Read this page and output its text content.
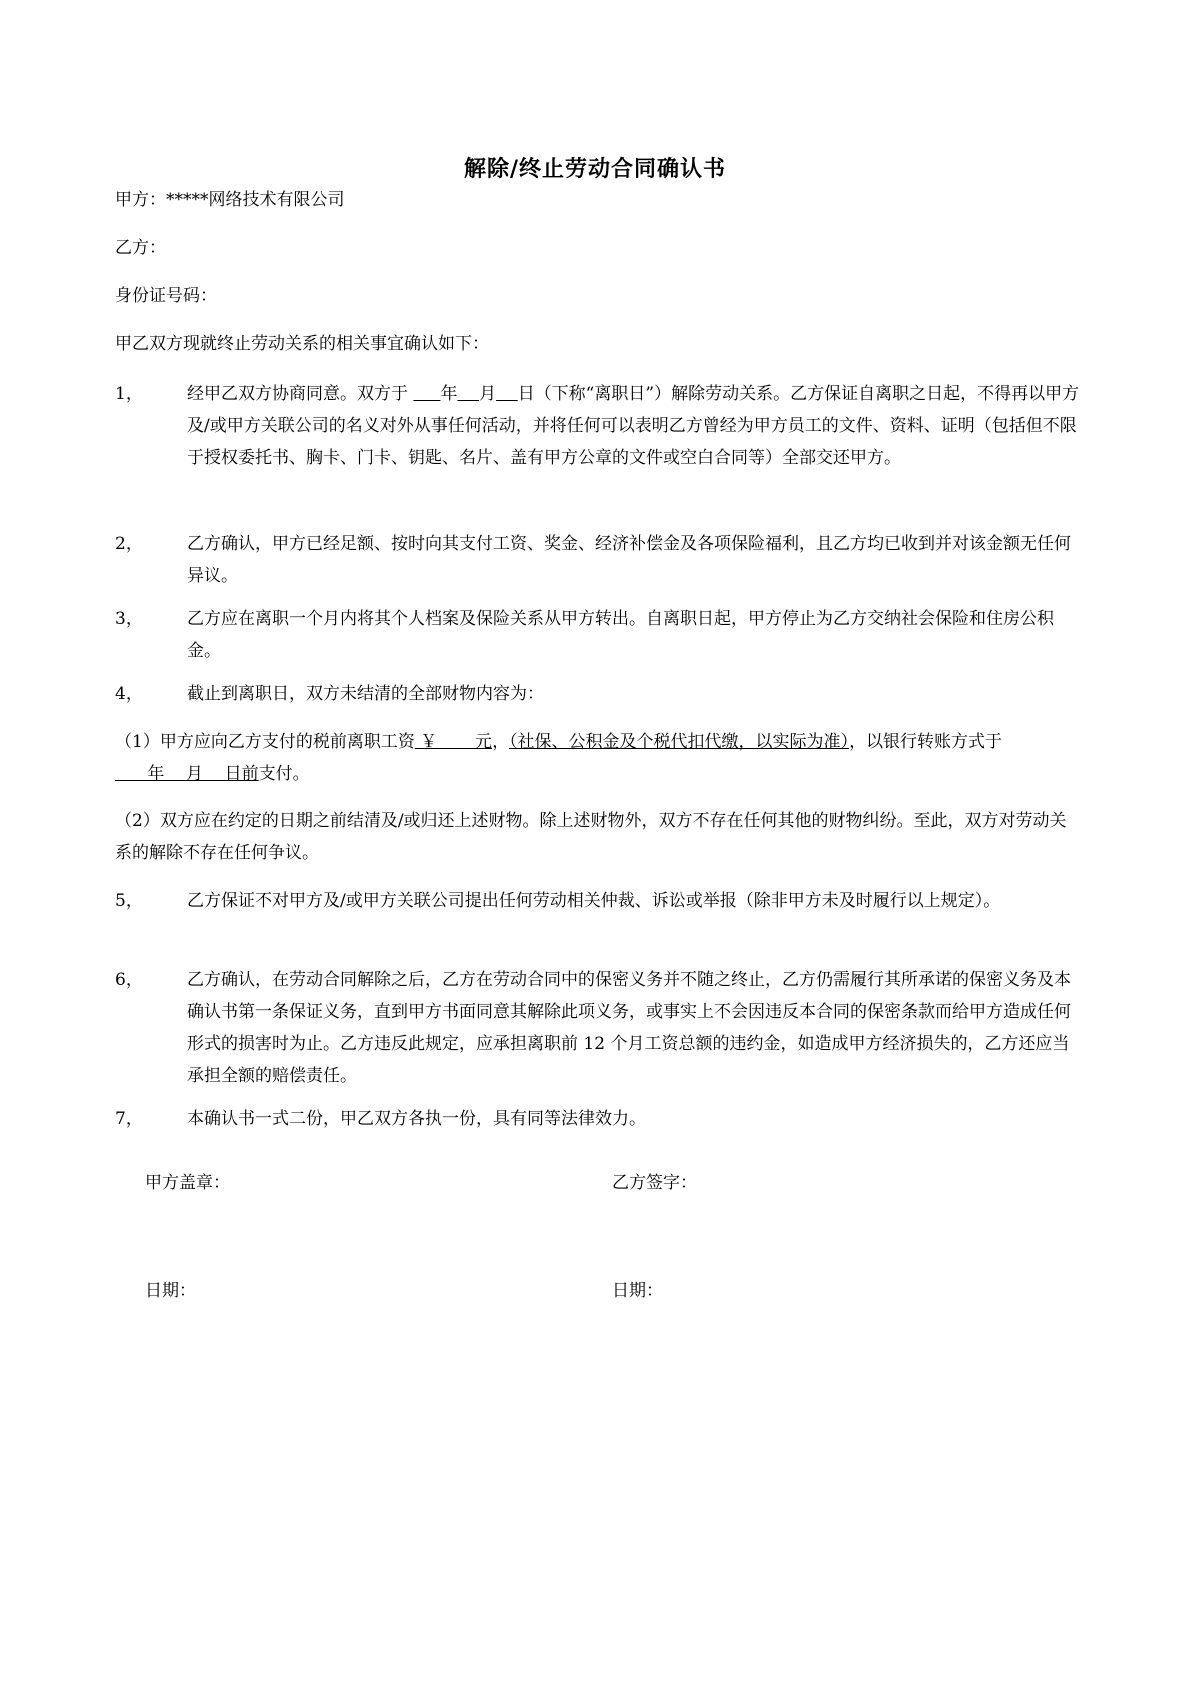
解除/终止劳动合同确认书
甲方：*****网络技术有限公司
乙方：
身份证号码：
甲乙双方现就终止劳动关系的相关事宜确认如下：
1，	经甲乙双方协商同意。双方于      年 月 日（下称“离职日”）解除劳动关系。乙方保证自离职之日起，不得再以甲方及/或甲方关联公司的名义对外从事任何活动，并将任何可以表明乙方曾经为甲方员工的文件、资料、证明（包括但不限于授权委托书、胸卡、门卡、钥匙、名片、盖有甲方公章的文件或空白合同等）全部交还甲方。
2，	乙方确认，甲方已经足额、按时向其支付工资、奖金、经济补偿金及各项保险福利，且乙方均已收到并对该金额无任何异议。
3，	乙方应在离职一个月内将其个人档案及保险关系从甲方转出。自离职日起，甲方停止为乙方交纳社会保险和住房公积金。
4，	截止到离职日，双方未结清的全部财物内容为：
（1）甲方应向乙方支付的税前离职工资 ￥       元，（社保、公积金及个税代扣代缴，以实际为准），以银行转账方式于      年    月    日前支付。
（2）双方应在约定的日期之前结清及/或归还上述财物。除上述财物外，双方不存在任何其他的财物纠纷。至此，双方对劳动关系的解除不存在任何争议。
5，	乙方保证不对甲方及/或甲方关联公司提出任何劳动相关仲裁、诉讼或举报（除非甲方未及时履行以上规定）。
6，	乙方确认，在劳动合同解除之后，乙方在劳动合同中的保密义务并不随之终止，乙方仍需履行其所承诺的保密义务及本确认书第一条保证义务，直到甲方书面同意其解除此项义务，或事实上不会因违反本合同的保密条款而给甲方造成任何形式的损害时为止。乙方违反此规定，应承担离职前 12 个月工资总额的违约金，如造成甲方经济损失的，乙方还应当承担全额的赔偿责任。
7，	本确认书一式二份，甲乙双方各执一份，具有同等法律效力。
甲方盖章：	乙方签字：
日期：	日期：
